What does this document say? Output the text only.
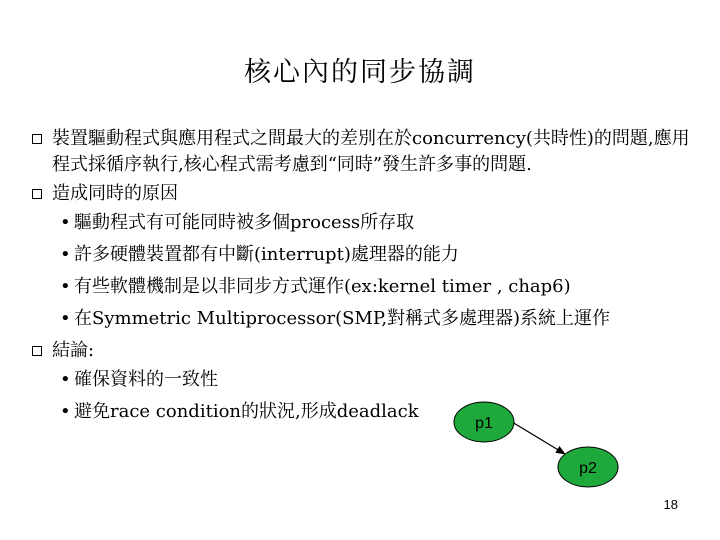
核心內的同步協調
裝置驅動程式與應用程式之間最大的差別在於concurrency(共時性)的問題,應用程式採循序執行,核心程式需考慮到“同時”發生許多事的問題.
造成同時的原因
• 驅動程式有可能同時被多個process所存取
• 許多硬體裝置都有中斷(interrupt)處理器的能力
• 有些軟體機制是以非同步方式運作(ex:kernel timer , chap6)
• 在Symmetric Multiprocessor(SMP,對稱式多處理器)系統上運作
結論:
• 確保資料的一致性
• 避免race condition的狀況,形成deadlack
p1
p2
18
